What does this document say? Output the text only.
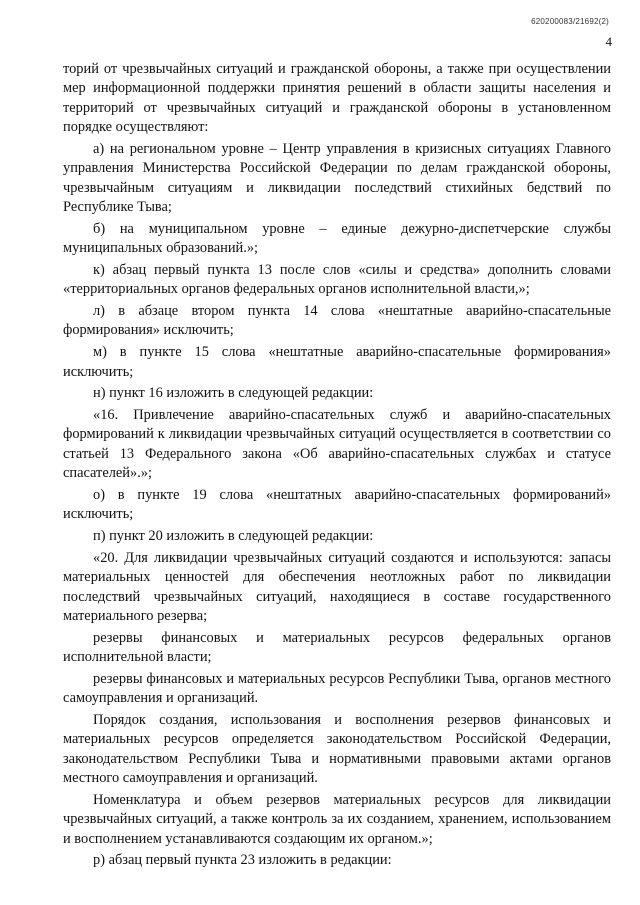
620200083/21692(2)
4

торий от чрезвычайных ситуаций и гражданской обороны, а также при осуществлении мер информационной поддержки принятия решений в области защиты населения и территорий от чрезвычайных ситуаций и гражданской обороны в установленном порядке осуществляют:

а) на региональном уровне – Центр управления в кризисных ситуациях Главного управления Министерства Российской Федерации по делам гражданской обороны, чрезвычайным ситуациям и ликвидации последствий стихийных бедствий по Республике Тыва;

б) на муниципальном уровне – единые дежурно-диспетчерские службы муниципальных образований.»;

к) абзац первый пункта 13 после слов «силы и средства» дополнить словами «территориальных органов федеральных органов исполнительной власти,»;

л) в абзаце втором пункта 14 слова «нештатные аварийно-спасательные формирования» исключить;

м) в пункте 15 слова «нештатные аварийно-спасательные формирования» исключить;

н) пункт 16 изложить в следующей редакции:

«16. Привлечение аварийно-спасательных служб и аварийно-спасательных формирований к ликвидации чрезвычайных ситуаций осуществляется в соответствии со статьей 13 Федерального закона «Об аварийно-спасательных службах и статусе спасателей».»;

о) в пункте 19 слова «нештатных аварийно-спасательных формирований» исключить;

п) пункт 20 изложить в следующей редакции:

«20. Для ликвидации чрезвычайных ситуаций создаются и используются: запасы материальных ценностей для обеспечения неотложных работ по ликвидации последствий чрезвычайных ситуаций, находящиеся в составе государственного материального резерва;

резервы финансовых и материальных ресурсов федеральных органов исполнительной власти;

резервы финансовых и материальных ресурсов Республики Тыва, органов местного самоуправления и организаций.

Порядок создания, использования и восполнения резервов финансовых и материальных ресурсов определяется законодательством Российской Федерации, законодательством Республики Тыва и нормативными правовыми актами органов местного самоуправления и организаций.

Номенклатура и объем резервов материальных ресурсов для ликвидации чрезвычайных ситуаций, а также контроль за их созданием, хранением, использованием и восполнением устанавливаются создающим их органом.»;

р) абзац первый пункта 23 изложить в редакции:
